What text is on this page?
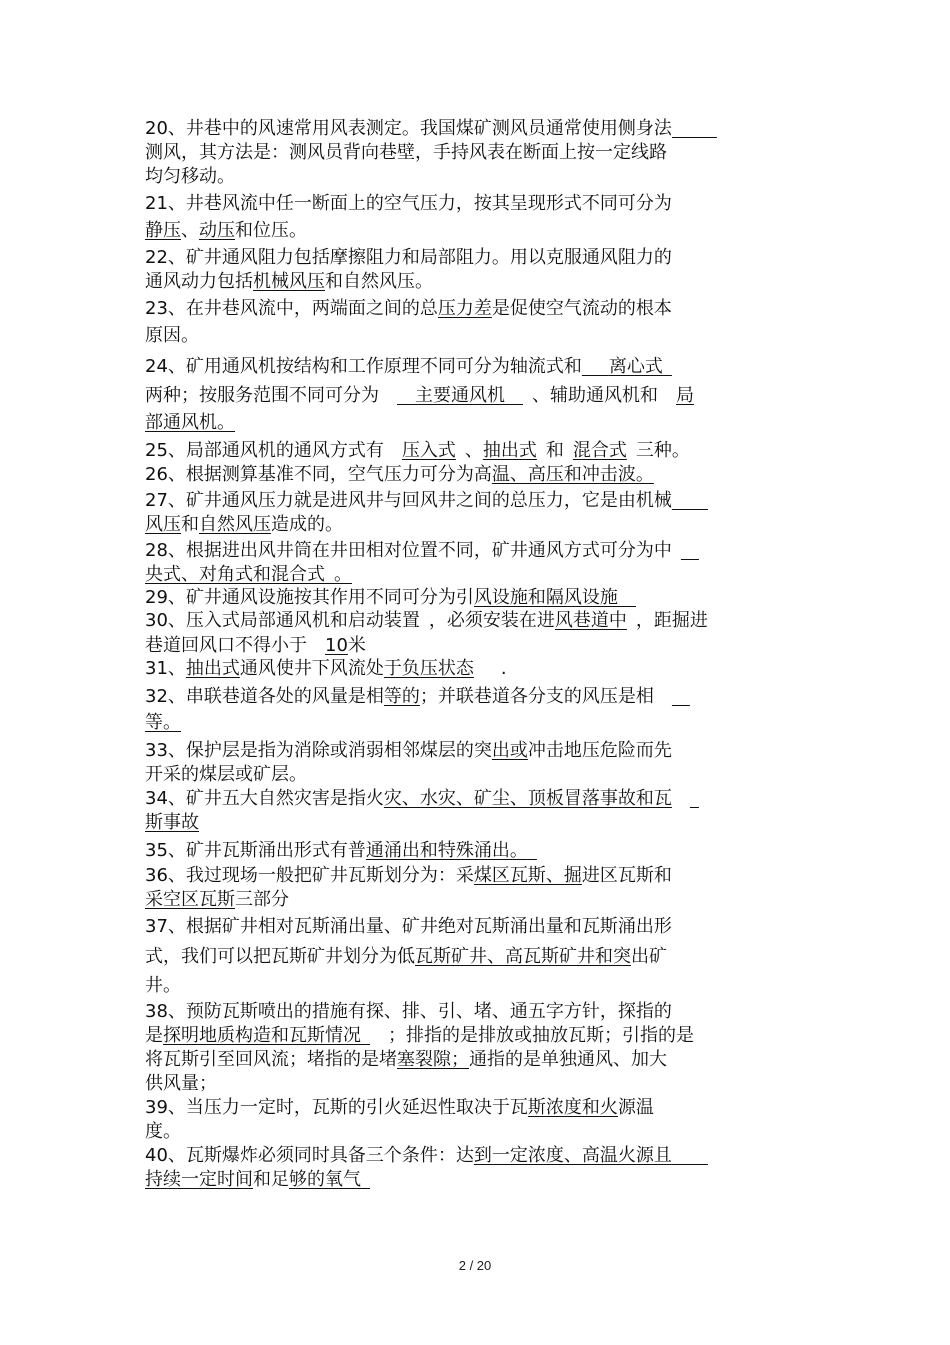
20、井巷中的风速常用风表测定。我国煤矿测风员通常使用侧身法   
测风，其方法是：测风员背向巷壁，手持风表在断面上按一定线路
均匀移动。
21、井巷风流中任一断面上的空气压力，按其呈现形式不同可分为
静压、动压和位压。
22、矿井通风阻力包括摩擦阻力和局部阻力。用以克服通风阻力的
通风动力包括机械风压和自然风压。
23、在井巷风流中，两端面之间的总压力差是促使空气流动的根本
原因。
24、矿用通风机按结构和工作原理不同可分为轴流式和   离心式 
两种；按服务范围不同可分为   主要通风机   、辅助通风机和  局
部通风机。
25、局部通风机的通风方式有  压入式  、抽出式  和  混合式  三种。
26、根据测算基准不同，空气压力可分为高温、高压和冲击波。
27、矿井通风压力就是进风井与回风井之间的总压力，它是由机械  
风压和自然风压造成的。
28、根据进出风井筒在井田相对位置不同，矿井通风方式可分为中  
央式、对角式和混合式  。
29、矿井通风设施按其作用不同可分为引风设施和隔风设施 
30、压入式局部通风机和启动装置  ，必须安装在进风巷道中  ，距掘进
巷道回风口不得小于  10米
31、抽出式通风使井下风流处于负压状态   .
32、串联巷道各处的风量是相等的；并联巷道各分支的风压是相  
等。
33、保护层是指为消除或消弱相邻煤层的突出或冲击地压危险而先
开采的煤层或矿层。
34、矿井五大自然灾害是指火灾、水灾、矿尘、顶板冒落事故和瓦  
斯事故
35、矿井瓦斯涌出形式有普通涌出和特殊涌出。 
36、我过现场一般把矿井瓦斯划分为：采煤区瓦斯、掘进区瓦斯和
采空区瓦斯三部分
37、根据矿井相对瓦斯涌出量、矿井绝对瓦斯涌出量和瓦斯涌出形
式，我们可以把瓦斯矿井划分为低瓦斯矿井、高瓦斯矿井和突出矿
井。
38、预防瓦斯喷出的措施有探、排、引、堵、通五字方针，探指的
是探明地质构造和瓦斯情况   ；排指的是排放或抽放瓦斯；引指的是
将瓦斯引至回风流；堵指的是堵塞裂隙；通指的是单独通风、加大
供风量；
39、当压力一定时，瓦斯的引火延迟性取决于瓦斯浓度和火源温
度。
40、瓦斯爆炸必须同时具备三个条件：达到一定浓度、高温火源且  
持续一定时间和足够的氧气 
2 / 20
